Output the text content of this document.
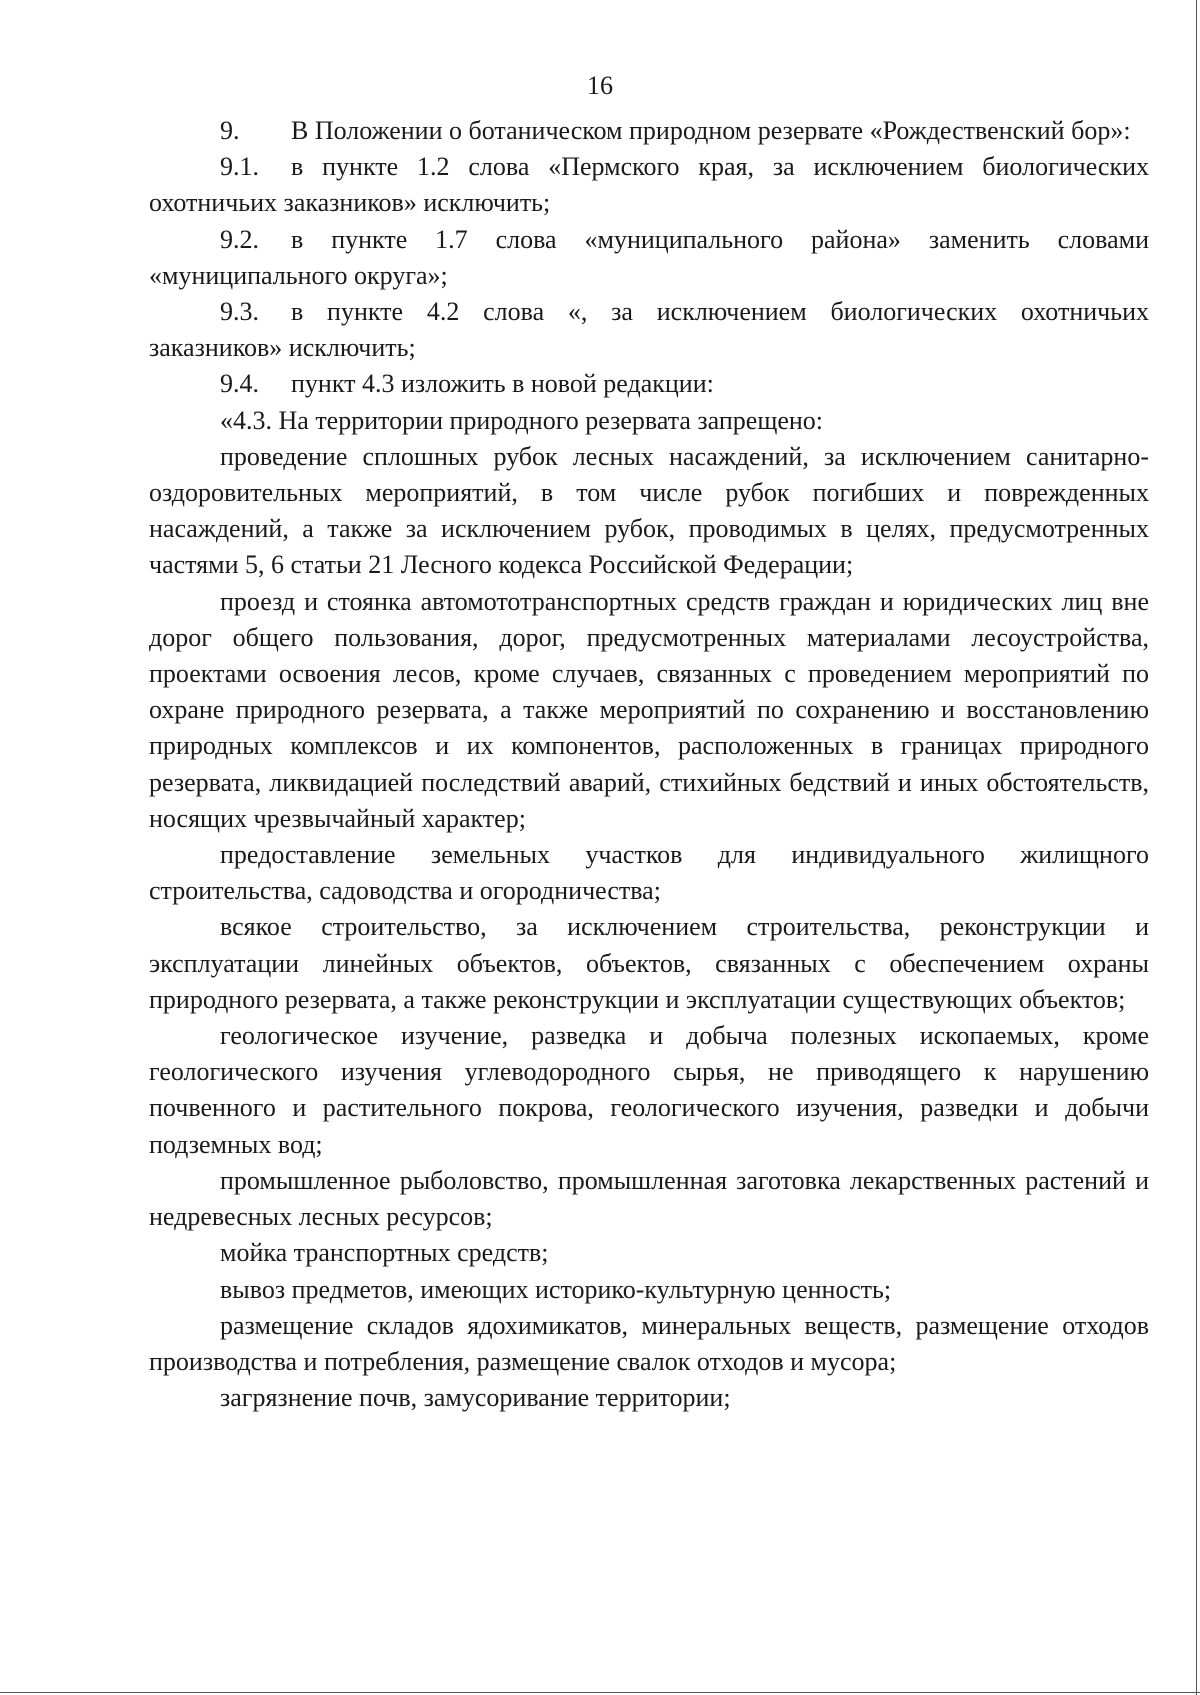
16

9. В Положении о ботаническом природном резервате «Рождественский бор»:

9.1. в пункте 1.2 слова «Пермского края, за исключением биологических охотничьих заказников» исключить;

9.2. в пункте 1.7 слова «муниципального района» заменить словами «муниципального округа»;

9.3. в пункте 4.2 слова «, за исключением биологических охотничьих заказников» исключить;

9.4. пункт 4.3 изложить в новой редакции:

«4.3. На территории природного резервата запрещено:

проведение сплошных рубок лесных насаждений, за исключением санитарно-оздоровительных мероприятий, в том числе рубок погибших и поврежденных насаждений, а также за исключением рубок, проводимых в целях, предусмотренных частями 5, 6 статьи 21 Лесного кодекса Российской Федерации;

проезд и стоянка автомототранспортных средств граждан и юридических лиц вне дорог общего пользования, дорог, предусмотренных материалами лесоустройства, проектами освоения лесов, кроме случаев, связанных с проведением мероприятий по охране природного резервата, а также мероприятий по сохранению и восстановлению природных комплексов и их компонентов, расположенных в границах природного резервата, ликвидацией последствий аварий, стихийных бедствий и иных обстоятельств, носящих чрезвычайный характер;

предоставление земельных участков для индивидуального жилищного строительства, садоводства и огородничества;

всякое строительство, за исключением строительства, реконструкции и эксплуатации линейных объектов, объектов, связанных с обеспечением охраны природного резервата, а также реконструкции и эксплуатации существующих объектов;

геологическое изучение, разведка и добыча полезных ископаемых, кроме геологического изучения углеводородного сырья, не приводящего к нарушению почвенного и растительного покрова, геологического изучения, разведки и добычи подземных вод;

промышленное рыболовство, промышленная заготовка лекарственных растений и недревесных лесных ресурсов;

мойка транспортных средств;

вывоз предметов, имеющих историко-культурную ценность;

размещение складов ядохимикатов, минеральных веществ, размещение отходов производства и потребления, размещение свалок отходов и мусора;

загрязнение почв, замусоривание территории;
